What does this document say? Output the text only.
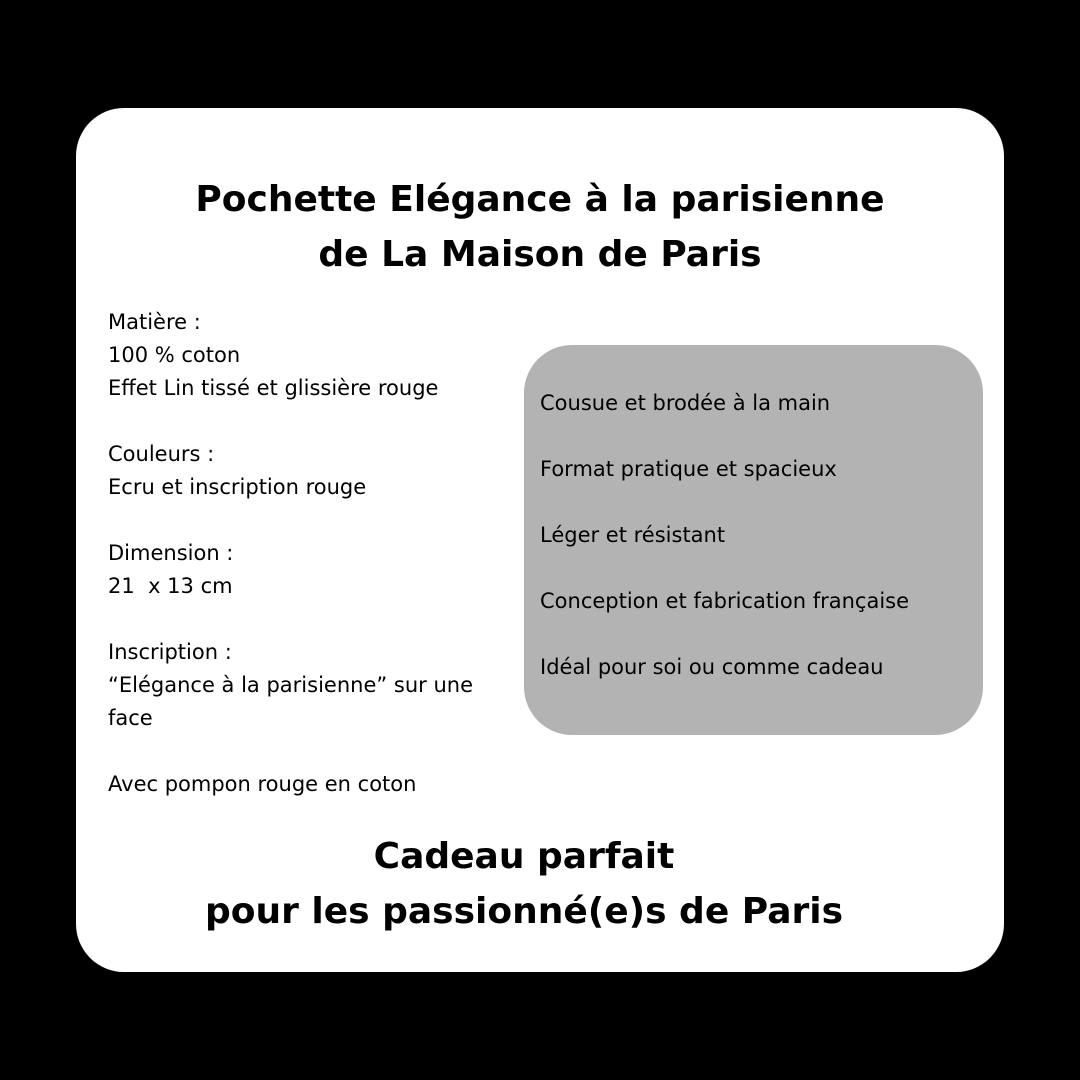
Pochette Elégance à la parisienne
de La Maison de Paris
Matière :
100 % coton
Effet Lin tissé et glissière rouge
Couleurs :
Ecru et inscription rouge
Dimension :
21  x 13 cm
Inscription :
“Elégance à la parisienne” sur une face
Avec pompon rouge en coton
Cousue et brodée à la main
Format pratique et spacieux
Léger et résistant
Conception et fabrication française
Idéal pour soi ou comme cadeau
Cadeau parfait
pour les passionné(e)s de Paris
